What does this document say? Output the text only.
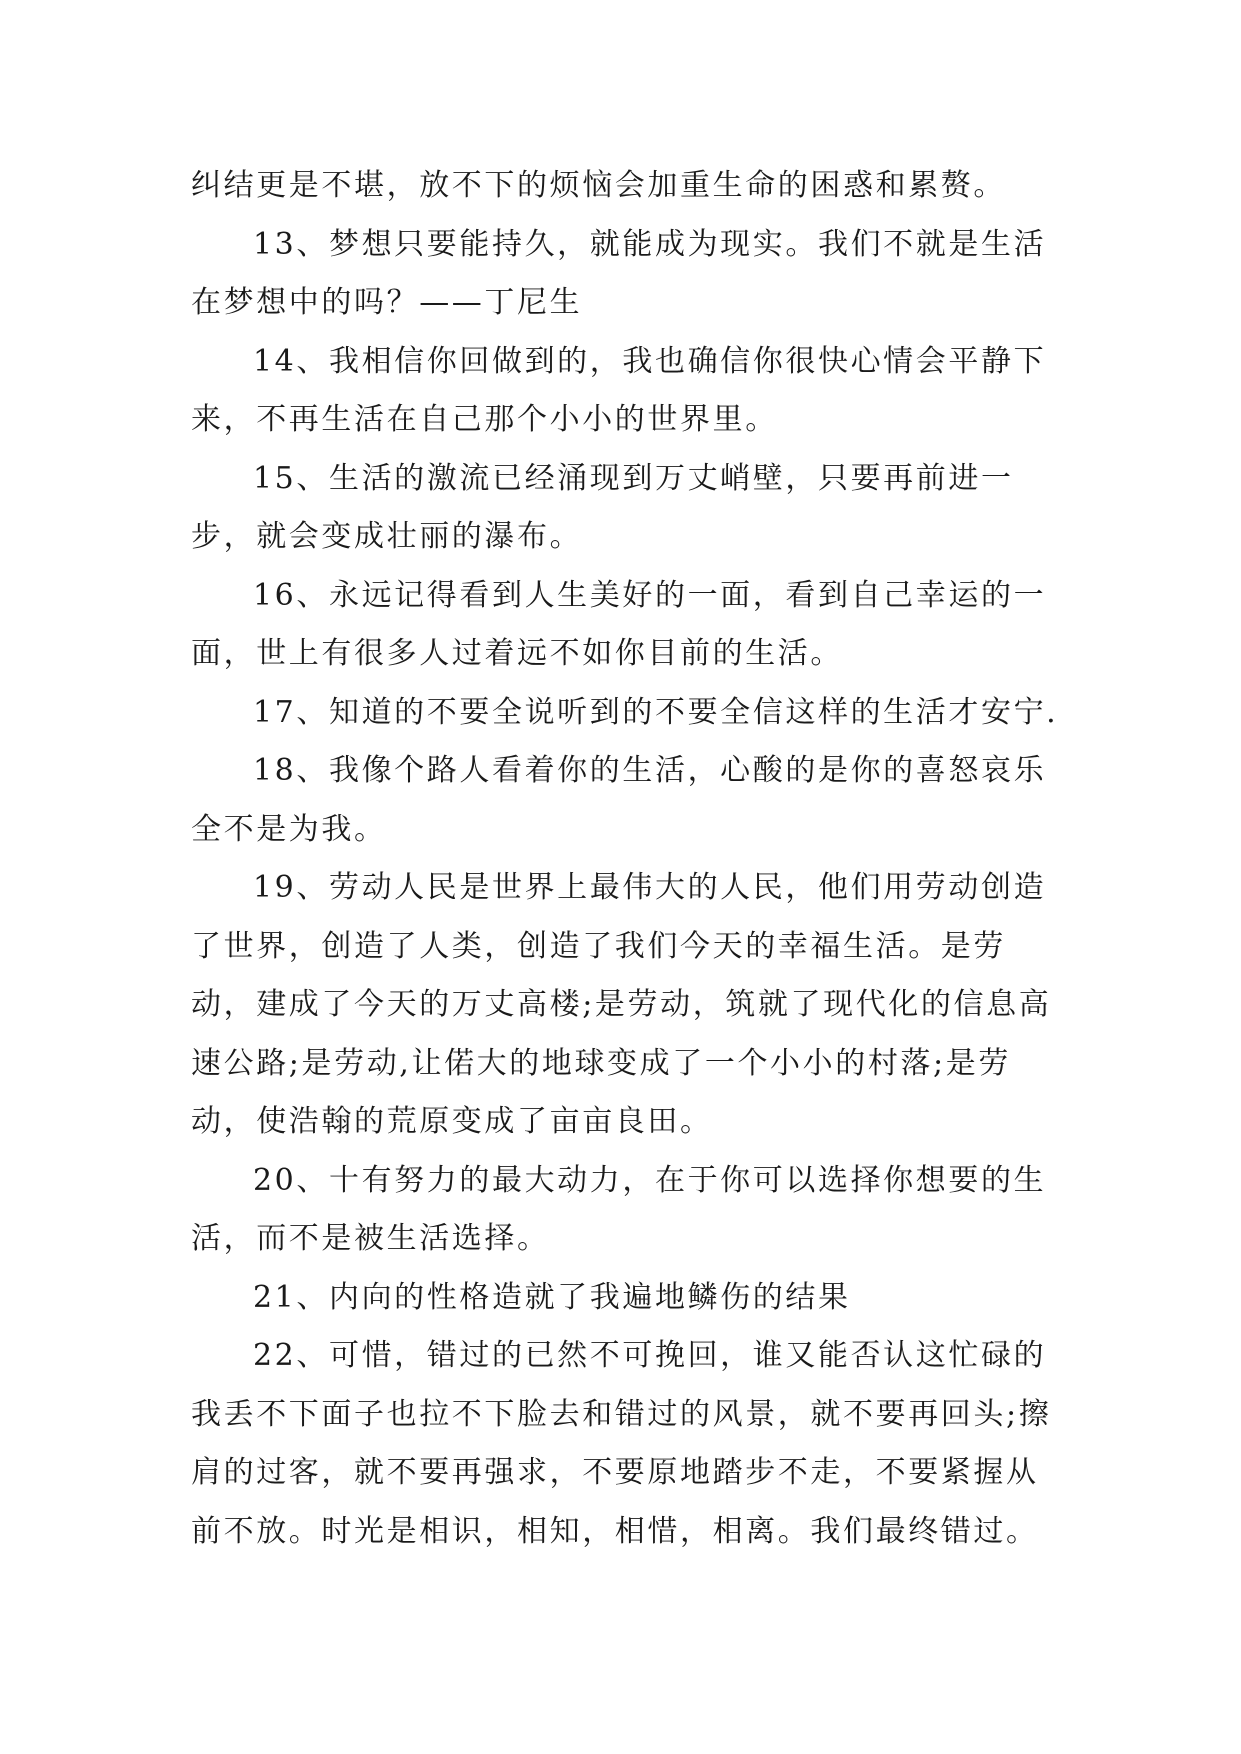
纠结更是不堪，放不下的烦恼会加重生命的困惑和累赘。

13、梦想只要能持久，就能成为现实。我们不就是生活在梦想中的吗？——丁尼生

14、我相信你回做到的，我也确信你很快心情会平静下来，不再生活在自己那个小小的世界里。

15、生活的激流已经涌现到万丈峭壁，只要再前进一步，就会变成壮丽的瀑布。

16、永远记得看到人生美好的一面，看到自己幸运的一面，世上有很多人过着远不如你目前的生活。

17、知道的不要全说听到的不要全信这样的生活才安宁.

18、我像个路人看着你的生活，心酸的是你的喜怒哀乐全不是为我。

19、劳动人民是世界上最伟大的人民，他们用劳动创造了世界，创造了人类，创造了我们今天的幸福生活。是劳动，建成了今天的万丈高楼;是劳动，筑就了现代化的信息高速公路;是劳动,让偌大的地球变成了一个小小的村落;是劳动，使浩翰的荒原变成了亩亩良田。

20、十有努力的最大动力，在于你可以选择你想要的生活，而不是被生活选择。

21、内向的性格造就了我遍地鳞伤的结果

22、可惜，错过的已然不可挽回，谁又能否认这忙碌的我丢不下面子也拉不下脸去和错过的风景，就不要再回头;擦肩的过客，就不要再强求，不要原地踏步不走，不要紧握从前不放。时光是相识，相知，相惜，相离。我们最终错过。
